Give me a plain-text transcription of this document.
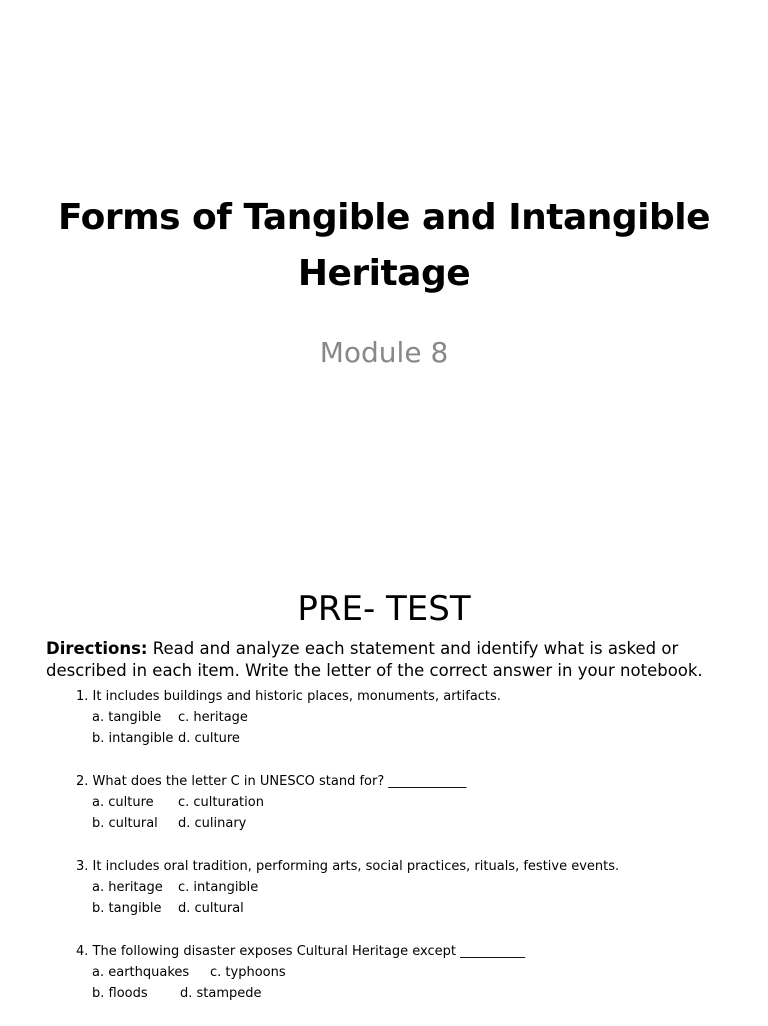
Forms of Tangible and Intangible Heritage
Module 8
PRE- TEST
Directions: Read and analyze each statement and identify what is asked or described in each item. Write the letter of the correct answer in your notebook.
1. It includes buildings and historic places, monuments, artifacts.
a. tangible c. heritage
b. intangible d. culture
2. What does the letter C in UNESCO stand for? ____________
a. culture c. culturation
b. cultural d. culinary
3. It includes oral tradition, performing arts, social practices, rituals, festive events.
a. heritage c. intangible
b. tangible d. cultural
4. The following disaster exposes Cultural Heritage except __________
a. earthquakes c. typhoons
b. floods d. stampede
